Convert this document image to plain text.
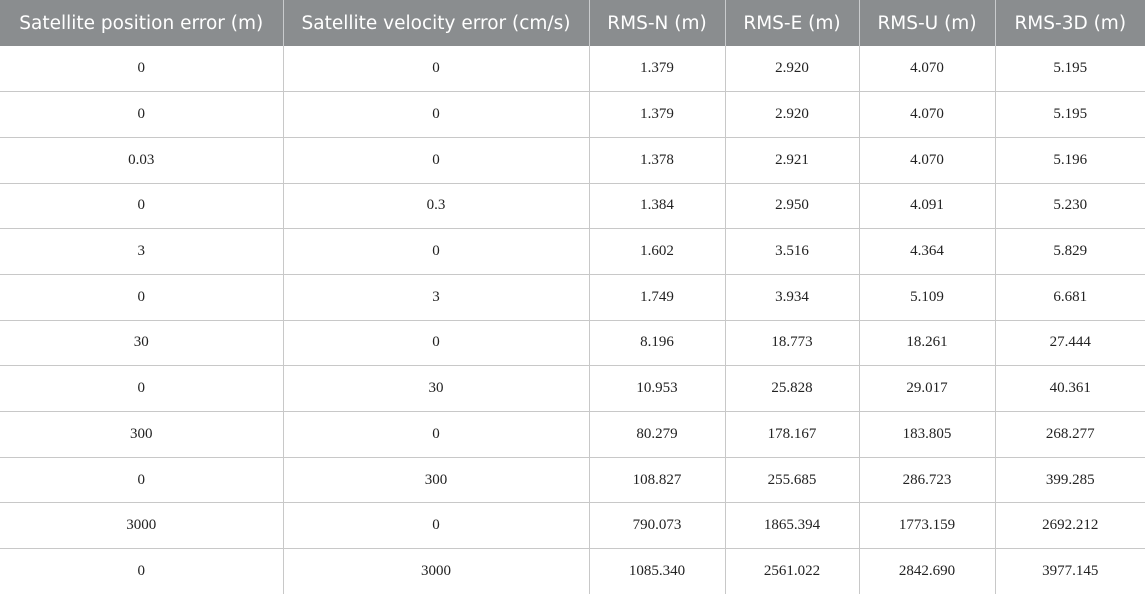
Satellite position error (m)	Satellite velocity error (cm/s)	RMS-N (m)	RMS-E (m)	RMS-U (m)	RMS-3D (m)
0	0	1.379	2.920	4.070	5.195
0	0	1.379	2.920	4.070	5.195
0.03	0	1.378	2.921	4.070	5.196
0	0.3	1.384	2.950	4.091	5.230
3	0	1.602	3.516	4.364	5.829
0	3	1.749	3.934	5.109	6.681
30	0	8.196	18.773	18.261	27.444
0	30	10.953	25.828	29.017	40.361
300	0	80.279	178.167	183.805	268.277
0	300	108.827	255.685	286.723	399.285
3000	0	790.073	1865.394	1773.159	2692.212
0	3000	1085.340	2561.022	2842.690	3977.145
